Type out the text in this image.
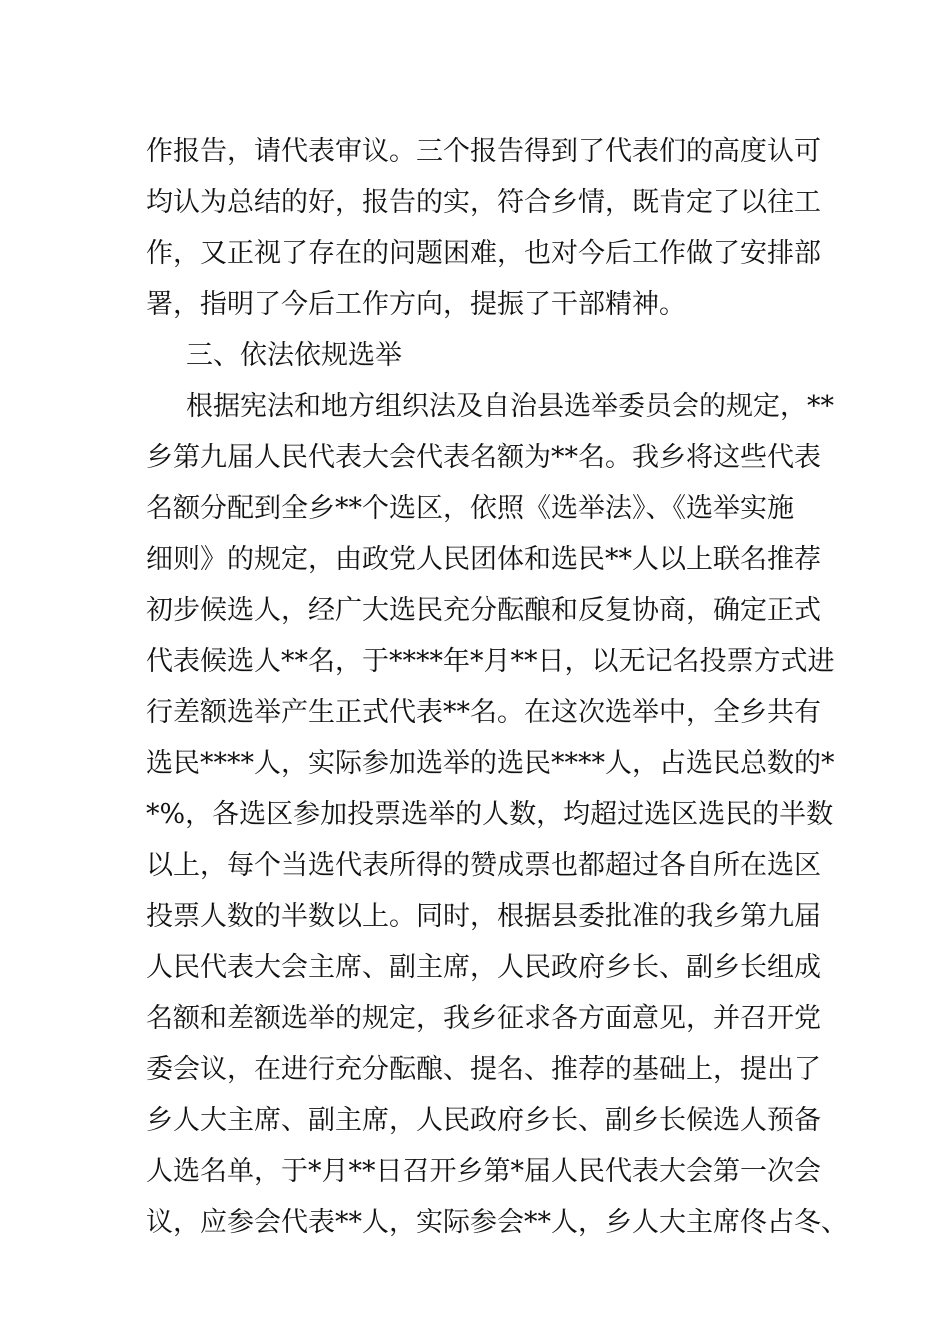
作报告，请代表审议。三个报告得到了代表们的高度认可
均认为总结的好，报告的实，符合乡情，既肯定了以往工
作，又正视了存在的问题困难，也对今后工作做了安排部
署，指明了今后工作方向，提振了干部精神。
三、依法依规选举
根据宪法和地方组织法及自治县选举委员会的规定，**
乡第九届人民代表大会代表名额为**名。我乡将这些代表
名额分配到全乡**个选区，依照《选举法》、《选举实施
细则》的规定，由政党人民团体和选民**人以上联名推荐
初步候选人，经广大选民充分酝酿和反复协商，确定正式
代表候选人**名，于****年*月**日，以无记名投票方式进
行差额选举产生正式代表**名。在这次选举中，全乡共有
选民****人，实际参加选举的选民****人，占选民总数的*
*%，各选区参加投票选举的人数，均超过选区选民的半数
以上，每个当选代表所得的赞成票也都超过各自所在选区
投票人数的半数以上。同时，根据县委批准的我乡第九届
人民代表大会主席、副主席，人民政府乡长、副乡长组成
名额和差额选举的规定，我乡征求各方面意见，并召开党
委会议，在进行充分酝酿、提名、推荐的基础上，提出了
乡人大主席、副主席，人民政府乡长、副乡长候选人预备
人选名单，于*月**日召开乡第*届人民代表大会第一次会
议，应参会代表**人，实际参会**人，乡人大主席佟占冬、
